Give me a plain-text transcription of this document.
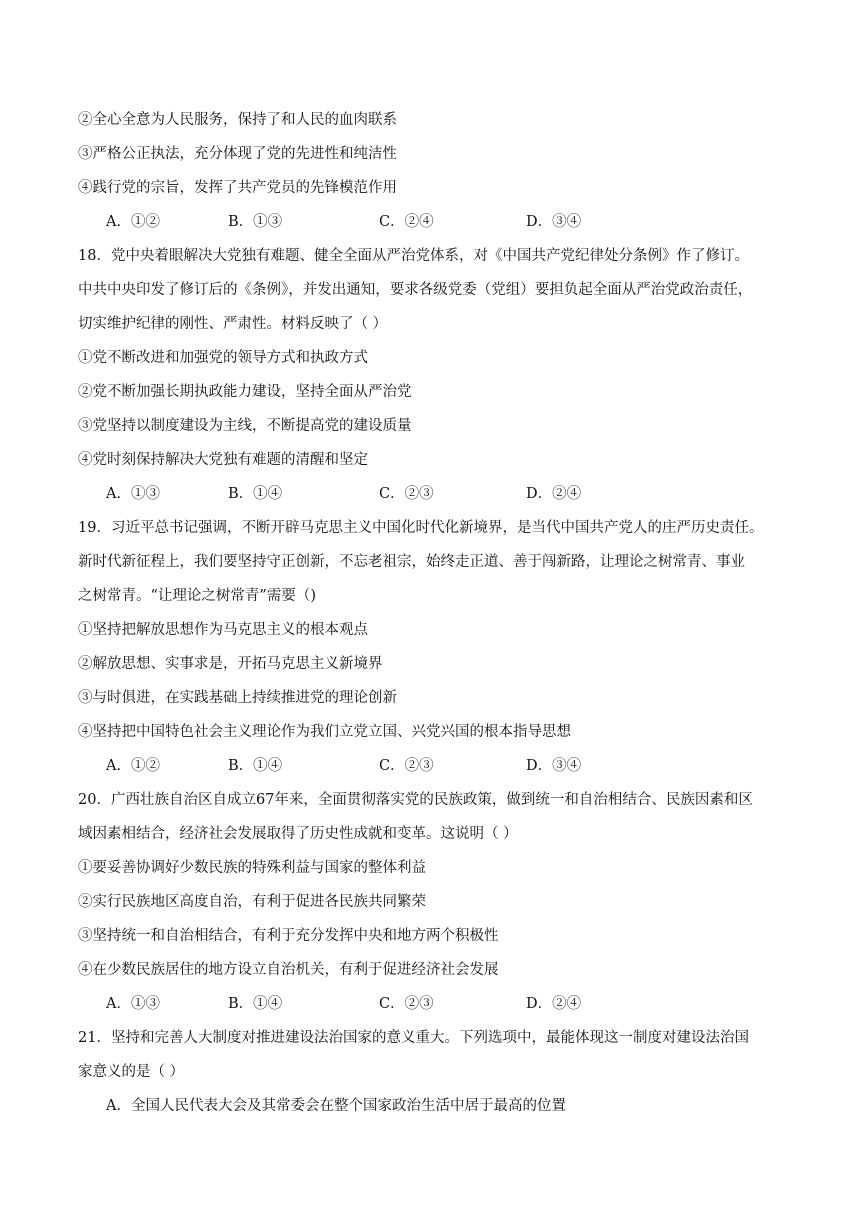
②全心全意为人民服务，保持了和人民的血肉联系
③严格公正执法，充分体现了党的先进性和纯洁性
④践行党的宗旨，发挥了共产党员的先锋模范作用
A．①②	B．①③	C．②④	D．③④
18．党中央着眼解决大党独有难题、健全全面从严治党体系，对《中国共产党纪律处分条例》作了修订。
中共中央印发了修订后的《条例》，并发出通知，要求各级党委（党组）要担负起全面从严治党政治责任，
切实维护纪律的刚性、严肃性。材料反映了（ ）
①党不断改进和加强党的领导方式和执政方式
②党不断加强长期执政能力建设，坚持全面从严治党
③党坚持以制度建设为主线，不断提高党的建设质量
④党时刻保持解决大党独有难题的清醒和坚定
A．①③	B．①④	C．②③	D．②④
19．习近平总书记强调，不断开辟马克思主义中国化时代化新境界，是当代中国共产党人的庄严历史责任。
新时代新征程上，我们要坚持守正创新，不忘老祖宗，始终走正道、善于闯新路，让理论之树常青、事业
之树常青。“让理论之树常青”需要（)
①坚持把解放思想作为马克思主义的根本观点
②解放思想、实事求是，开拓马克思主义新境界
③与时俱进，在实践基础上持续推进党的理论创新
④坚持把中国特色社会主义理论作为我们立党立国、兴党兴国的根本指导思想
A．①②	B．①④	C．②③	D．③④
20．广西壮族自治区自成立67年来，全面贯彻落实党的民族政策，做到统一和自治相结合、民族因素和区
域因素相结合，经济社会发展取得了历史性成就和变革。这说明（ ）
①要妥善协调好少数民族的特殊利益与国家的整体利益
②实行民族地区高度自治，有利于促进各民族共同繁荣
③坚持统一和自治相结合，有利于充分发挥中央和地方两个积极性
④在少数民族居住的地方设立自治机关，有利于促进经济社会发展
A．①③	B．①④	C．②③	D．②④
21．坚持和完善人大制度对推进建设法治国家的意义重大。下列选项中，最能体现这一制度对建设法治国
家意义的是（ ）
A．全国人民代表大会及其常委会在整个国家政治生活中居于最高的位置
